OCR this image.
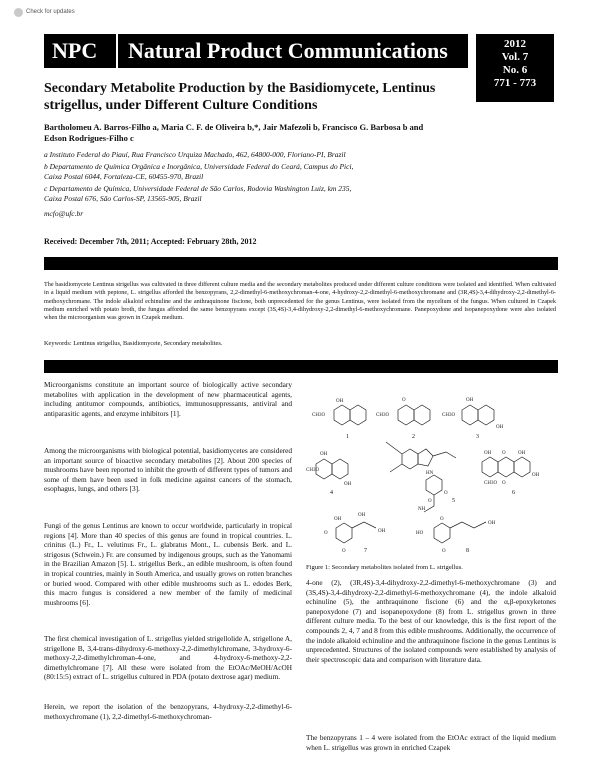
Check for updates
NPC	Natural Product Communications	2012
Vol. 7
No. 6
771 - 773
Secondary Metabolite Production by the Basidiomycete, Lentinus
strigellus, under Different Culture Conditions
Bartholomeu A. Barros-Filho a, Maria C. F. de Oliveira b,*, Jair Mafezoli b, Francisco G. Barbosa b and
Edson Rodrigues-Filho c
a Instituto Federal do Piauí, Rua Francisco Urquiza Machado, 462, 64800-000, Floriano-PI, Brazil
b Departamento de Química Orgânica e Inorgânica, Universidade Federal do Ceará, Campus do Pici,
Caixa Postal 6044, Fortaleza-CE, 60455-970, Brazil
c Departamento de Química, Universidade Federal de São Carlos, Rodovia Washington Luiz, km 235,
Caixa Postal 676, São Carlos-SP, 13565-905, Brazil
mcfo@ufc.br
Received: December 7th, 2011; Accepted: February 28th, 2012
The basidiomycete Lentinus strigellus was cultivated in three different culture media and the secondary metabolites produced under different culture conditions were isolated and identified. When cultivated in a liquid medium with peptone, L. strigellus afforded the benzopyrans, 2,2-dimethyl-6-methoxychroman-4-one, 4-hydroxy-2,2-dimethyl-6-methoxychromane and (3R,4S)-3,4-dihydroxy-2,2-dimethyl-6-methoxychromane. The indole alkaloid echinuline and the anthraquinone fiscione, both unprecedented for the genus Lentinus, were isolated from the mycelium of the fungus. When cultured in Czapek medium enriched with potato broth, the fungus afforded the same benzopyrans except (3S,4S)-3,4-dihydroxy-2,2-dimethyl-6-methoxychromane. Panepoxydone and isopanepoxydone were also isolated when the microorganism was grown in Czapek medium.
Keywords: Lentinus strigellus, Basidiomycete, Secondary metabolites.
Microorganisms constitute an important source of biologically active secondary metabolites with application in the development of new pharmaceutical agents, including antitumor compounds, antibiotics, immunosuppressants, antiviral and antiparasitic agents, and enzyme inhibitors [1].
Among the microorganisms with biological potential, basidiomycetes are considered an important source of bioactive secondary metabolites [2]. About 200 species of mushrooms have been reported to inhibit the growth of different types of tumors and some of them have been used in folk medicine against cancers of the stomach, esophagus, lungs, and others [3].
Fungi of the genus Lentinus are known to occur worldwide, particularly in tropical regions [4]. More than 40 species of this genus are found in tropical countries. L. crinitus (L.) Fr., L. velutinus Fr., L. glabratus Mont., L. cubensis Berk. and L. strigosus (Schwein.) Fr. are consumed by indigenous groups, such as the Yanomami in the Brazilian Amazon [5]. L. strigellus Berk., an edible mushroom, is often found in tropical countries, mainly in South America, and usually grows on rotten branches or buried wood. Compared with other edible mushrooms such as L. edodes Berk, this macro fungus is considered a new member of the family of medicinal mushrooms [6].
The first chemical investigation of L. strigellus yielded strigellolide A, strigellone A, strigellone B, 3,4-trans-dihydroxy-6-methoxy-2,2-dimethylchromane, 3-hydroxy-6-methoxy-2,2-dimethylchroman-4-one, and 4-hydroxy-6-methoxy-2,2-dimethylchromane [7]. All these were isolated from the EtOAc/MeOH/AcOH (80:15:5) extract of L. strigellus cultured in PDA (potato dextrose agar) medium.
Herein, we report the isolation of the benzopyrans, 4-hydroxy-2,2-dimethyl-6-methoxychromane (1), 2,2-dimethyl-6-methoxychroman-
OH
CH3O
O
CH3O
OH
CH3O
OH
OH
CH3O
OH
OH O OH
OH
O
OH
O
O
HO
O
O
OH
HN
NH
O
O
OH
OH
CH3O
1	2	3
4
5
6
7	8
Figure 1: Secondary metabolites isolated from L. strigellus.
4-one (2), (3R,4S)-3,4-dihydroxy-2,2-dimethyl-6-methoxychromane (3) and (3S,4S)-3,4-dihydroxy-2,2-dimethyl-6-methoxychromane (4), the indole alkaloid echinuline (5), the anthraquinone fiscione (6) and the α,β-epoxyketones panepoxydone (7) and isopanepoxydone (8) from L. strigellus grown in three different culture media. To the best of our knowledge, this is the first report of the compounds 2, 4, 7 and 8 from this edible mushrooms. Additionally, the occurrence of the indole alkaloid echinuline and the anthraquinone fiscione in the genus Lentinus is unprecedented. Structures of the isolated compounds were established by analysis of their spectroscopic data and comparison with literature data.
The benzopyrans 1 – 4 were isolated from the EtOAc extract of the liquid medium when L. strigellus was grown in enriched Czapek
